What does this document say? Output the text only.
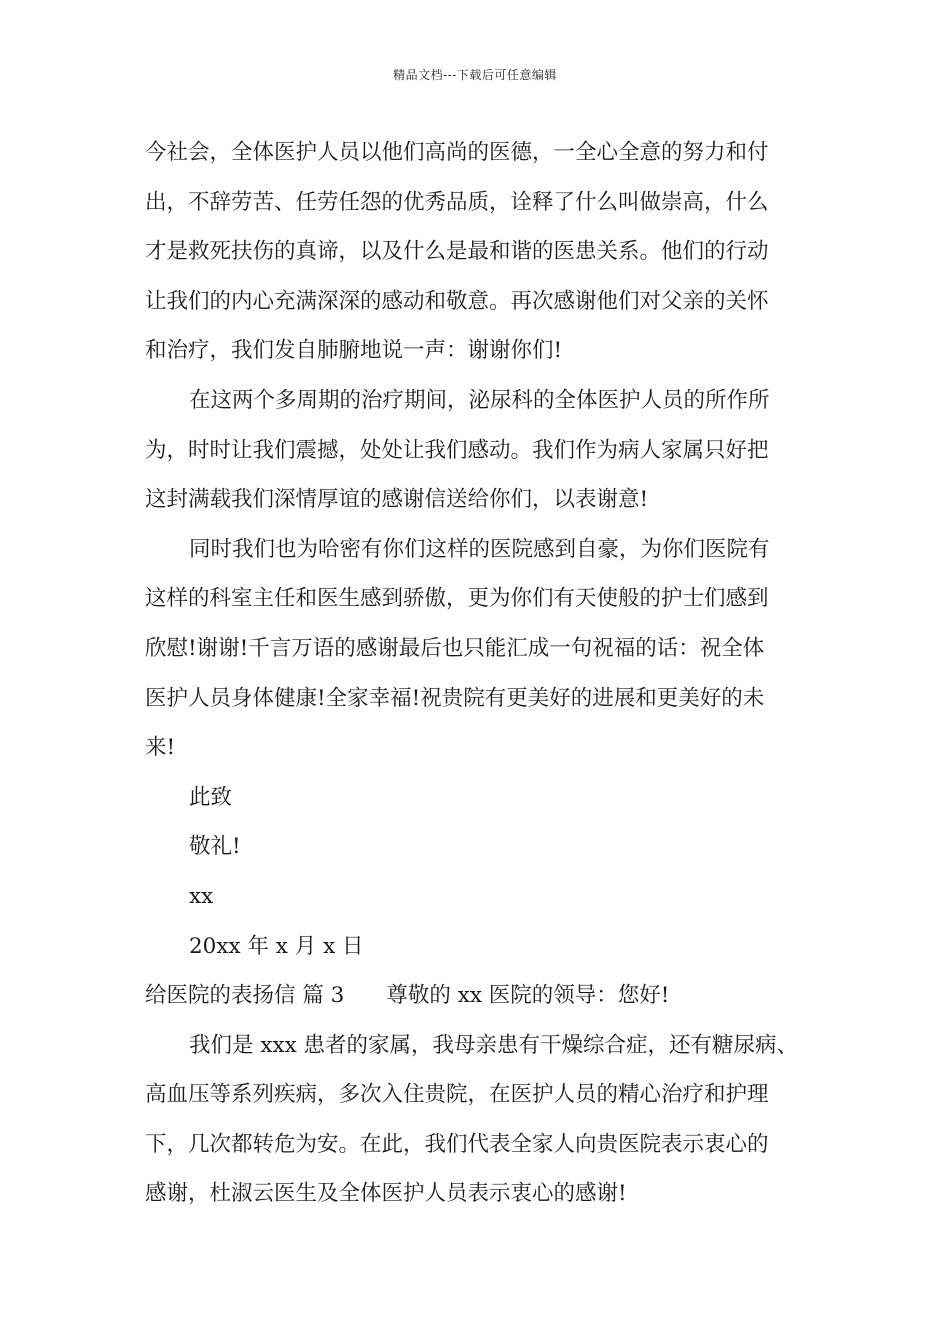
精品文档---下载后可任意编辑
今社会，全体医护人员以他们高尚的医德，一全心全意的努力和付
出，不辞劳苦、任劳任怨的优秀品质，诠释了什么叫做崇高，什么
才是救死扶伤的真谛，以及什么是最和谐的医患关系。他们的行动
让我们的内心充满深深的感动和敬意。再次感谢他们对父亲的关怀
和治疗，我们发自肺腑地说一声：谢谢你们!
在这两个多周期的治疗期间，泌尿科的全体医护人员的所作所
为，时时让我们震撼，处处让我们感动。我们作为病人家属只好把
这封满载我们深情厚谊的感谢信送给你们，以表谢意!
同时我们也为哈密有你们这样的医院感到自豪，为你们医院有
这样的科室主任和医生感到骄傲，更为你们有天使般的护士们感到
欣慰!谢谢!千言万语的感谢最后也只能汇成一句祝福的话：祝全体
医护人员身体健康!全家幸福!祝贵院有更美好的进展和更美好的未
来!
此致
敬礼!
xx
20xx 年 x 月 x 日
给医院的表扬信 篇 3 尊敬的 xx 医院的领导：您好!
我们是 xxx 患者的家属，我母亲患有干燥综合症，还有糖尿病、
高血压等系列疾病，多次入住贵院，在医护人员的精心治疗和护理
下，几次都转危为安。在此，我们代表全家人向贵医院表示衷心的
感谢，杜淑云医生及全体医护人员表示衷心的感谢!
